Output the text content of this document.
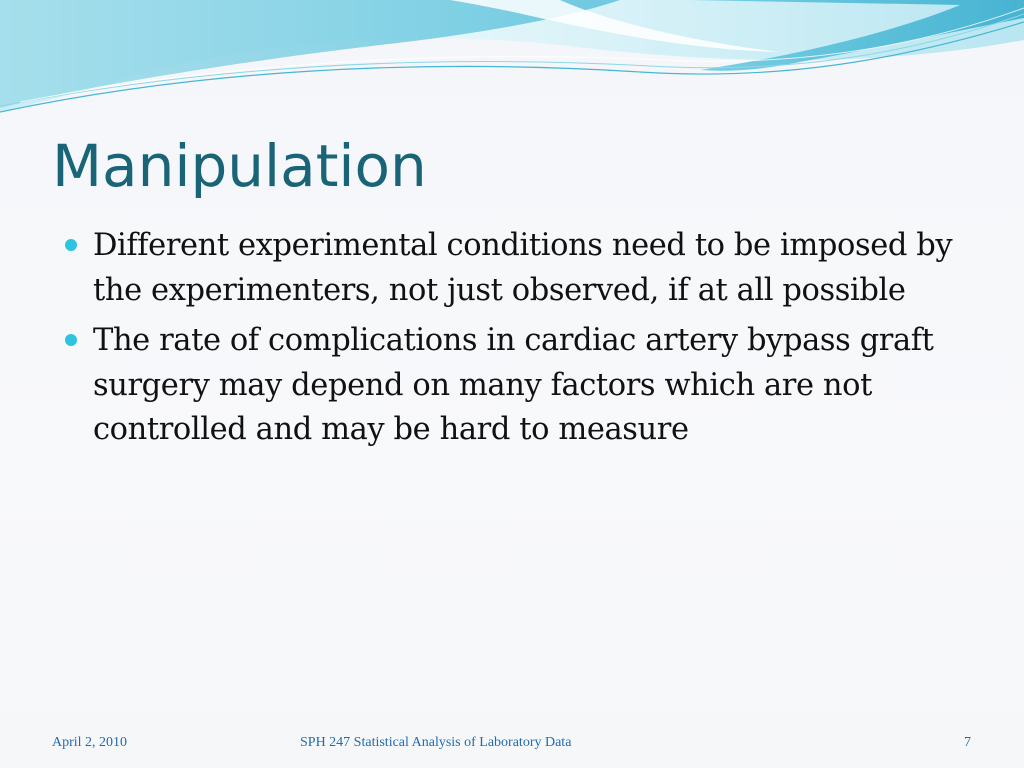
Manipulation
Different experimental conditions need to be imposed by the experimenters, not just observed, if at all possible
The rate of complications in cardiac artery bypass graft surgery may depend on many factors which are not controlled and may be hard to measure
April 2, 2010	SPH 247 Statistical Analysis of Laboratory Data	7
